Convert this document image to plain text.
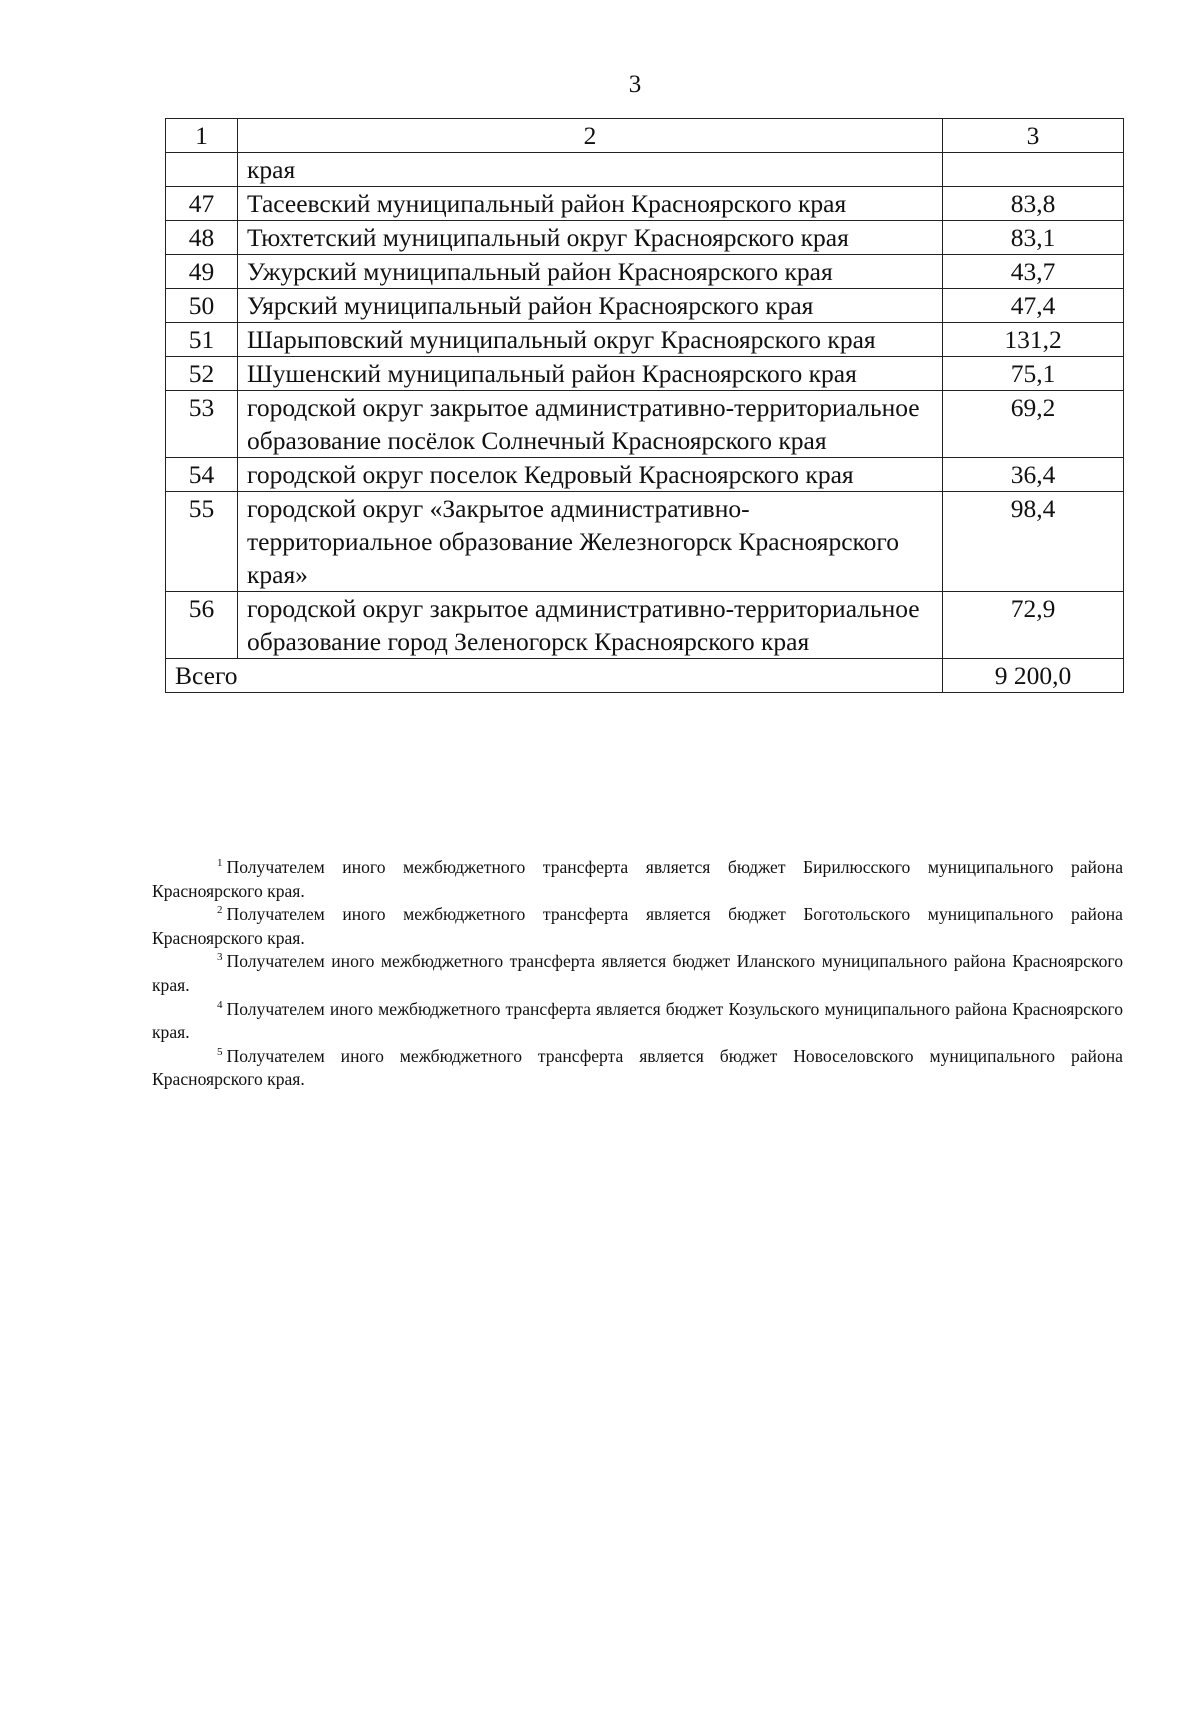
3
1	2	3
	края	
47	Тасеевский муниципальный район Красноярского края	83,8
48	Тюхтетский муниципальный округ Красноярского края	83,1
49	Ужурский муниципальный район Красноярского края	43,7
50	Уярский муниципальный район Красноярского края	47,4
51	Шарыповский муниципальный округ Красноярского края	131,2
52	Шушенский муниципальный район Красноярского края	75,1
53	городской округ закрытое административно-территориальное образование посёлок Солнечный Красноярского края	69,2
54	городской округ поселок Кедровый Красноярского края	36,4
55	городской округ «Закрытое административно-территориальное образование Железногорск Красноярского края»	98,4
56	городской округ закрытое административно-территориальное образование город Зеленогорск Красноярского края	72,9
Всего		9 200,0

$^1$ Получателем иного межбюджетного трансферта является бюджет Бирилюсского муниципального района Красноярского края.

$^2$ Получателем иного межбюджетного трансферта является бюджет Боготольского муниципального района Красноярского края.

$^3$ Получателем иного межбюджетного трансферта является бюджет Иланского муниципального района Красноярского края.

$^4$ Получателем иного межбюджетного трансферта является бюджет Козульского муниципального района Красноярского края.

$^5$ Получателем иного межбюджетного трансферта является бюджет Новоселовского муниципального района Красноярского края.
